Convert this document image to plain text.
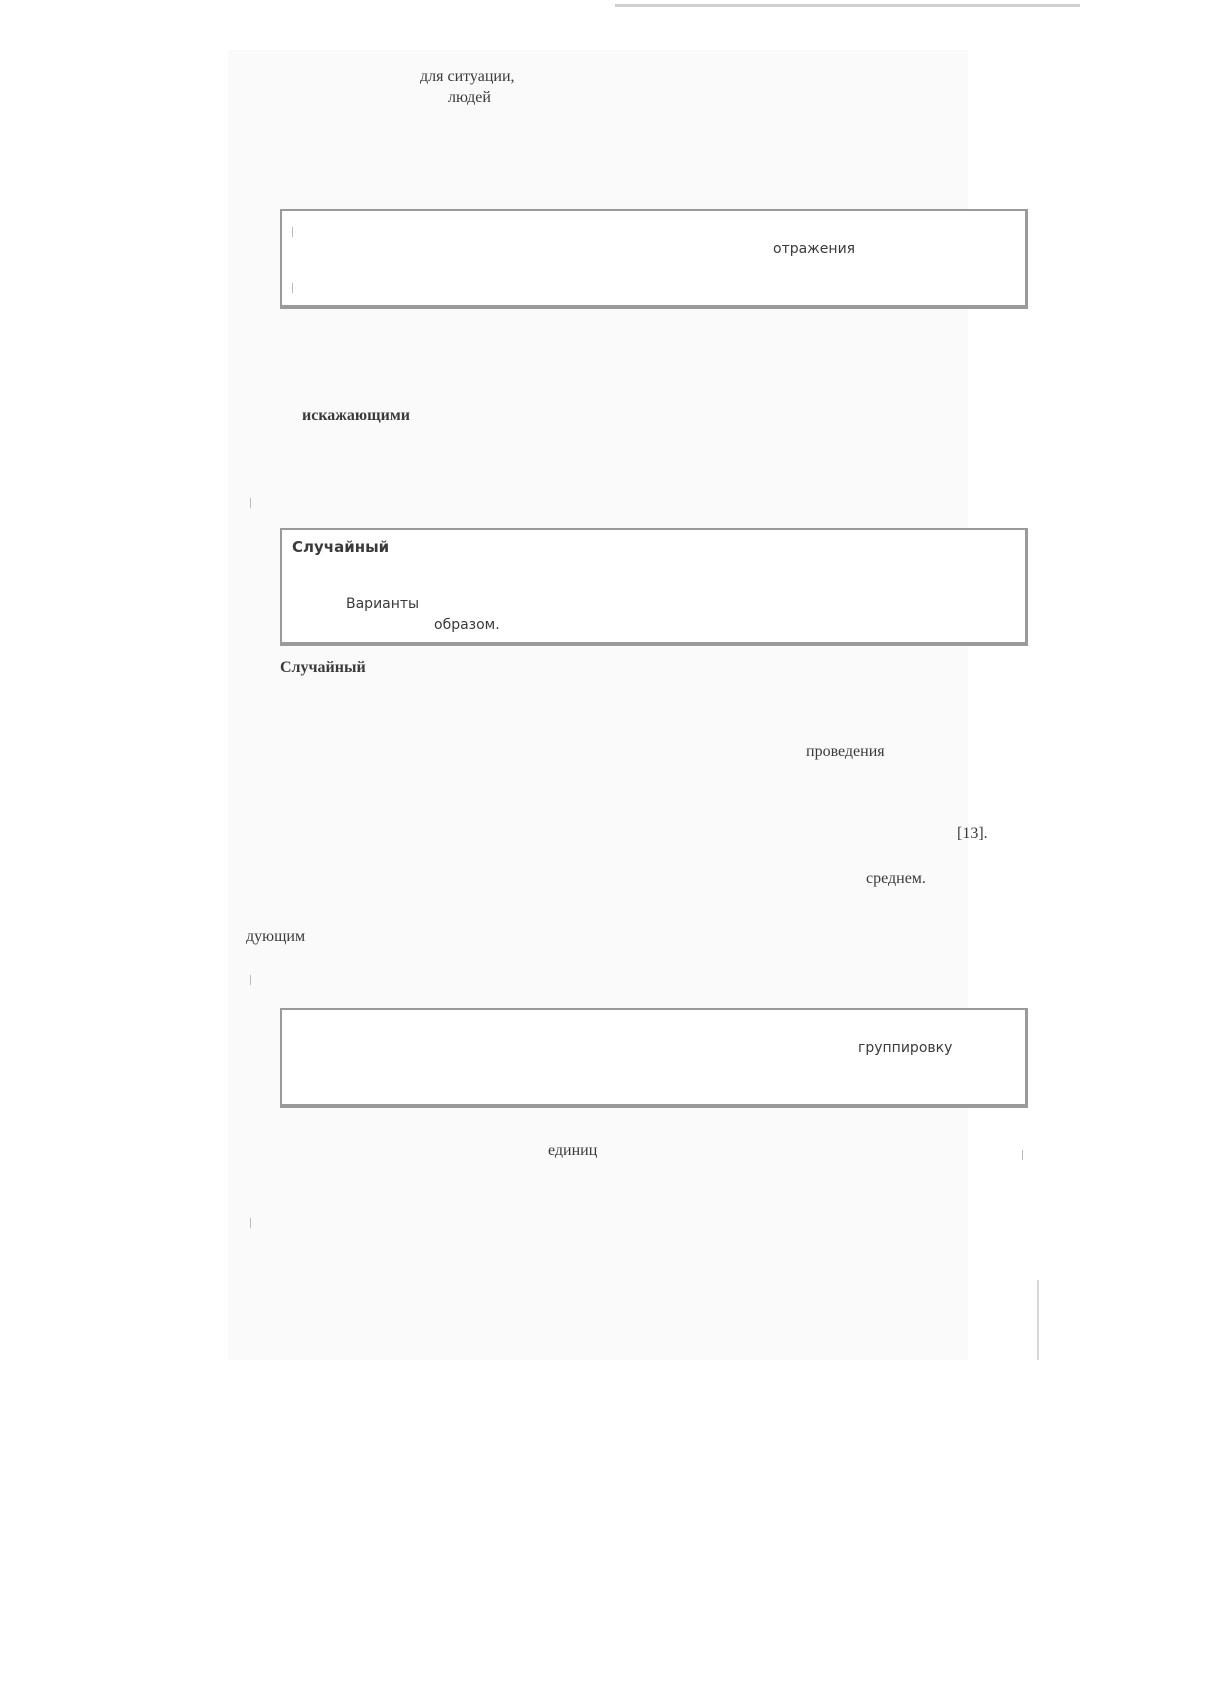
для ситуации,
людей
отражения
искажающими
Случайный
Варианты
образом.
Случайный
проведения
[13].
среднем.
дующим
группировку
единиц
